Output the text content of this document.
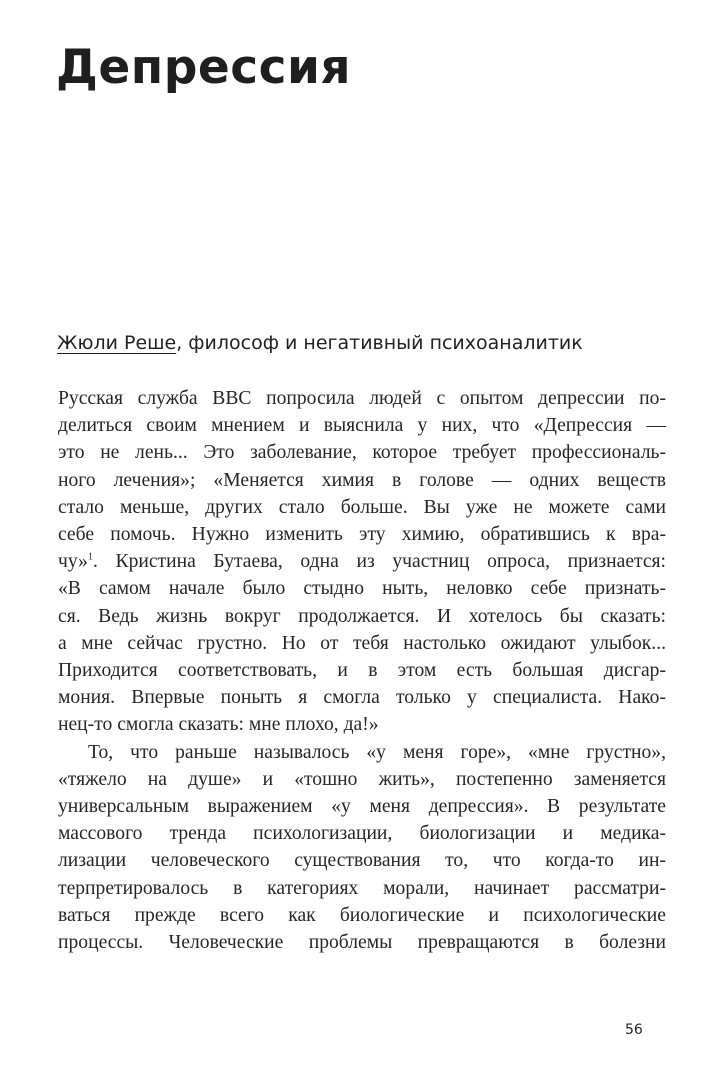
Депрессия

Жюли Реше, философ и негативный психоаналитик

Русская служба BBC попросила людей с опытом депрессии по-
делиться своим мнением и выяснила у них, что «Депрессия —
это не лень... Это заболевание, которое требует профессиональ-
ного лечения»; «Меняется химия в голове — одних веществ
стало меньше, других стало больше. Вы уже не можете сами
себе помочь. Нужно изменить эту химию, обратившись к вра-
чу»$^1$. Кристина Бутаева, одна из участниц опроса, признается:
«В самом начале было стыдно ныть, неловко себе признать-
ся. Ведь жизнь вокруг продолжается. И хотелось бы сказать:
а мне сейчас грустно. Но от тебя настолько ожидают улыбок...
Приходится соответствовать, и в этом есть большая дисгар-
мония. Впервые поныть я смогла только у специалиста. Нако-
нец-то смогла сказать: мне плохо, да!»
То, что раньше называлось «у меня горе», «мне грустно»,
«тяжело на душе» и «тошно жить», постепенно заменяется
универсальным выражением «у меня депрессия». В результате
массового тренда психологизации, биологизации и медика-
лизации человеческого существования то, что когда-то ин-
терпретировалось в категориях морали, начинает рассматри-
ваться прежде всего как биологические и психологические
процессы. Человеческие проблемы превращаются в болезни
56
